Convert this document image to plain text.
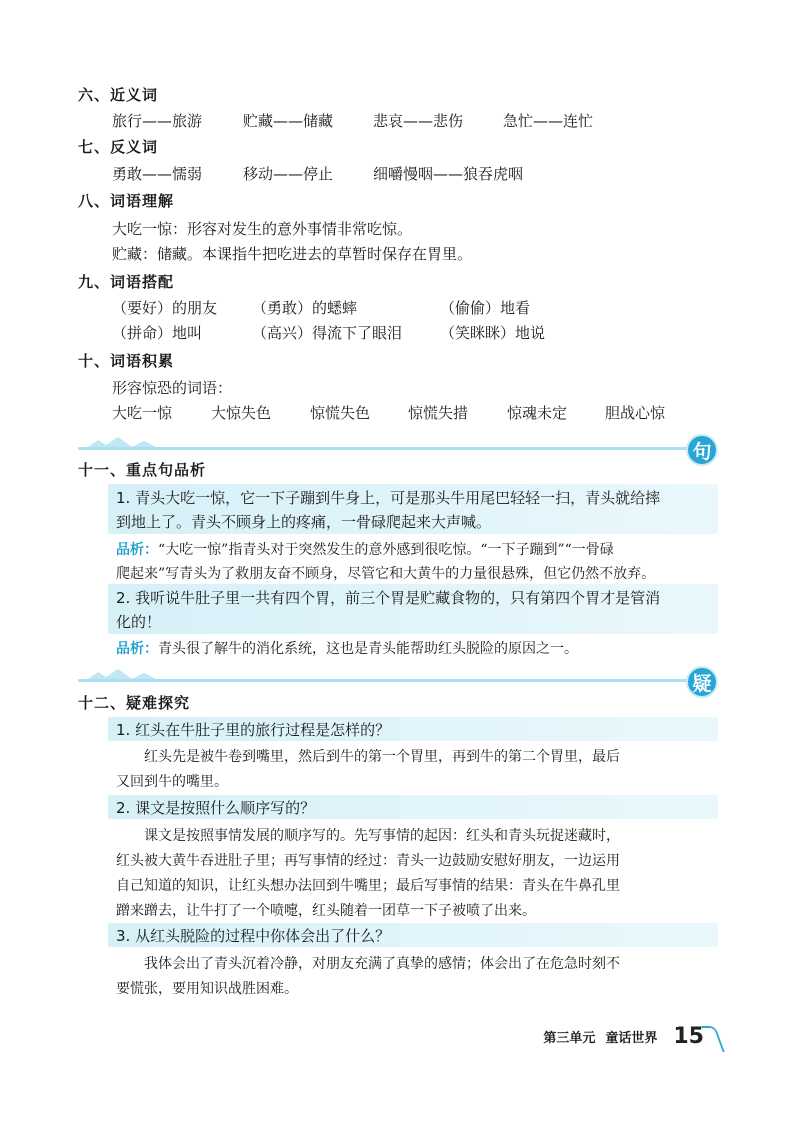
六、近义词
旅行——旅游	贮藏——储藏	悲哀——悲伤	急忙——连忙
七、反义词
勇敢——懦弱	移动——停止	细嚼慢咽——狼吞虎咽
八、词语理解
大吃一惊：形容对发生的意外事情非常吃惊。
贮藏：储藏。本课指牛把吃进去的草暂时保存在胃里。
九、词语搭配
（要好）的朋友 （勇敢）的蟋蟀	（偷偷）地看
（拼命）地叫	（高兴）得流下了眼泪	（笑眯眯）地说
十、词语积累
形容惊恐的词语：
大吃一惊	大惊失色	惊慌失色	惊慌失措	惊魂未定	胆战心惊
句
十一、重点句品析
1. 青头大吃一惊，它一下子蹦到牛身上，可是那头牛用尾巴轻轻一扫，青头就给摔
到地上了。青头不顾身上的疼痛，一骨碌爬起来大声喊。
品析：“大吃一惊”指青头对于突然发生的意外感到很吃惊。“一下子蹦到”“一骨碌
爬起来”写青头为了救朋友奋不顾身，尽管它和大黄牛的力量很悬殊，但它仍然不放弃。
2. 我听说牛肚子里一共有四个胃，前三个胃是贮藏食物的，只有第四个胃才是管消
化的！
品析：青头很了解牛的消化系统，这也是青头能帮助红头脱险的原因之一。
疑
十二、疑难探究
1. 红头在牛肚子里的旅行过程是怎样的？
红头先是被牛卷到嘴里，然后到牛的第一个胃里，再到牛的第二个胃里，最后
又回到牛的嘴里。
2. 课文是按照什么顺序写的？
课文是按照事情发展的顺序写的。先写事情的起因：红头和青头玩捉迷藏时，
红头被大黄牛吞进肚子里；再写事情的经过：青头一边鼓励安慰好朋友，一边运用
自己知道的知识，让红头想办法回到牛嘴里；最后写事情的结果：青头在牛鼻孔里
蹭来蹭去，让牛打了一个喷嚏，红头随着一团草一下子被喷了出来。
3. 从红头脱险的过程中你体会出了什么？
我体会出了青头沉着冷静，对朋友充满了真挚的感情；体会出了在危急时刻不
要慌张，要用知识战胜困难。
第三单元 童话世界 15
